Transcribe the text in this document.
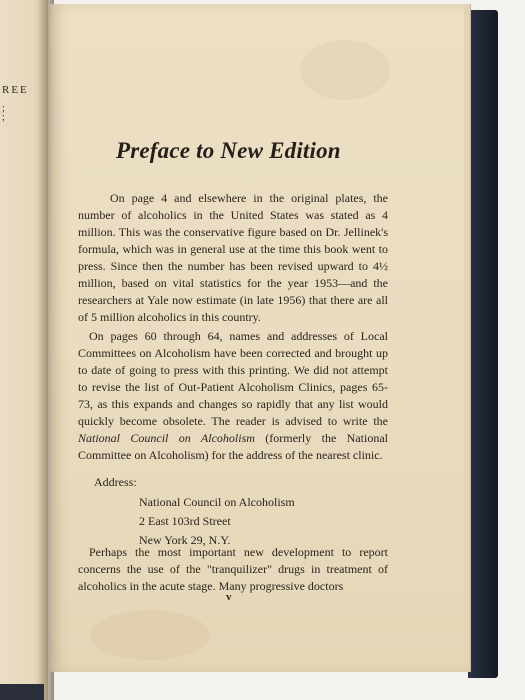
REE
; ;
Preface to New Edition

On page 4 and elsewhere in the original plates, the number of alcoholics in the United States was stated as 4 million. This was the conservative figure based on Dr. Jellinek's formula, which was in general use at the time this book went to press. Since then the number has been revised upward to 4½ million, based on vital statistics for the year 1953—and the researchers at Yale now estimate (in late 1956) that there are all of 5 million alcoholics in this country.

On pages 60 through 64, names and addresses of Local Committees on Alcoholism have been corrected and brought up to date of going to press with this printing. We did not attempt to revise the list of Out-Patient Alcoholism Clinics, pages 65-73, as this expands and changes so rapidly that any list would quickly become obsolete. The reader is advised to write the National Council on Alcoholism (formerly the National Committee on Alcoholism) for the address of the nearest clinic.

Address:
National Council on Alcoholism
2 East 103rd Street
New York 29, N.Y.

Perhaps the most important new development to report concerns the use of the "tranquilizer" drugs in treatment of alcoholics in the acute stage. Many progressive doctors

v
